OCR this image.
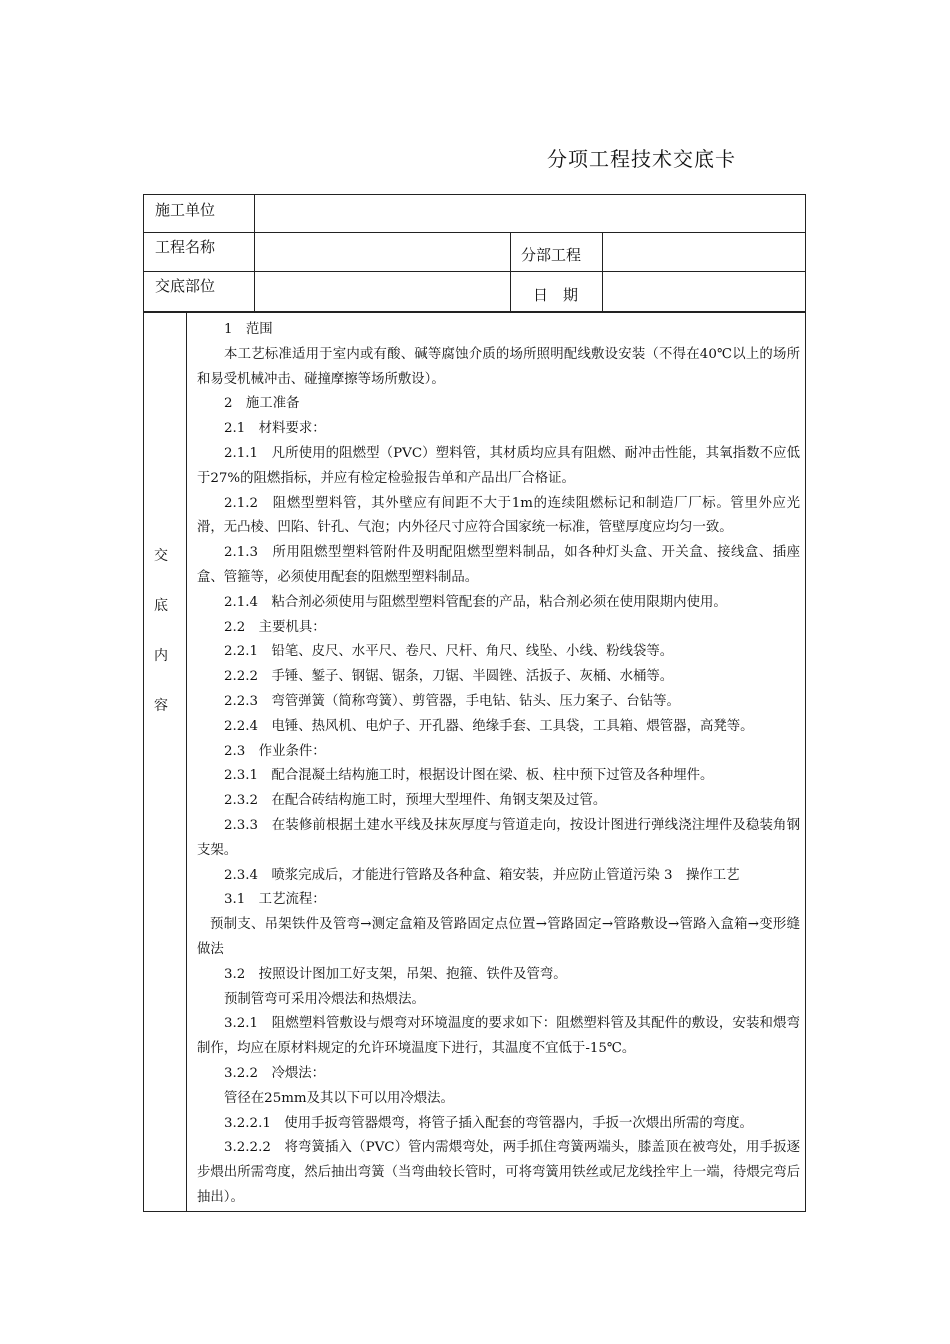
分项工程技术交底卡
施工单位
工程名称	分部工程
交底部位	日　期
交
底
内
容

1　范围

本工艺标准适用于室内或有酸、碱等腐蚀介质的场所照明配线敷设安装（不得在40℃以上的场所和易受机械冲击、碰撞摩擦等场所敷设）。

2　施工准备

2.1　材料要求：

2.1.1　凡所使用的阻燃型（PVC）塑料管，其材质均应具有阻燃、耐冲击性能，其氧指数不应低于27%的阻燃指标，并应有检定检验报告单和产品出厂合格证。

2.1.2　阻燃型塑料管，其外壁应有间距不大于1m的连续阻燃标记和制造厂厂标。管里外应光滑，无凸棱、凹陷、针孔、气泡；内外径尺寸应符合国家统一标准，管壁厚度应均匀一致。

2.1.3　所用阻燃型塑料管附件及明配阻燃型塑料制品，如各种灯头盒、开关盒、接线盒、插座盒、管箍等，必须使用配套的阻燃型塑料制品。

2.1.4　粘合剂必须使用与阻燃型塑料管配套的产品，粘合剂必须在使用限期内使用。

2.2　主要机具：

2.2.1　铅笔、皮尺、水平尺、卷尺、尺杆、角尺、线坠、小线、粉线袋等。

2.2.2　手锤、錾子、钢锯、锯条，刀锯、半圆锉、活扳子、灰桶、水桶等。

2.2.3　弯管弹簧（简称弯簧）、剪管器，手电钻、钻头、压力案子、台钻等。

2.2.4　电锤、热风机、电炉子、开孔器、绝缘手套、工具袋，工具箱、煨管器，高凳等。

2.3　作业条件：

2.3.1　配合混凝土结构施工时，根据设计图在梁、板、柱中预下过管及各种埋件。

2.3.2　在配合砖结构施工时，预埋大型埋件、角钢支架及过管。

2.3.3　在装修前根据土建水平线及抹灰厚度与管道走向，按设计图进行弹线浇注埋件及稳装角钢支架。

2.3.4　喷浆完成后，才能进行管路及各种盒、箱安装，并应防止管道污染 3　操作工艺

3.1　工艺流程：

预制支、吊架铁件及管弯→测定盒箱及管路固定点位置→管路固定→管路敷设→管路入盒箱→变形缝做法

3.2　按照设计图加工好支架，吊架、抱箍、铁件及管弯。

预制管弯可采用冷煨法和热煨法。

3.2.1　阻燃塑料管敷设与煨弯对环境温度的要求如下：阻燃塑料管及其配件的敷设，安装和煨弯制作，均应在原材料规定的允许环境温度下进行，其温度不宜低于-15℃。

3.2.2　冷煨法：

管径在25mm及其以下可以用冷煨法。

3.2.2.1　使用手扳弯管器煨弯，将管子插入配套的弯管器内，手扳一次煨出所需的弯度。

3.2.2.2　将弯簧插入（PVC）管内需煨弯处，两手抓住弯簧两端头，膝盖顶在被弯处，用手扳逐步煨出所需弯度，然后抽出弯簧（当弯曲较长管时，可将弯簧用铁丝或尼龙线拴牢上一端，待煨完弯后抽出）。
